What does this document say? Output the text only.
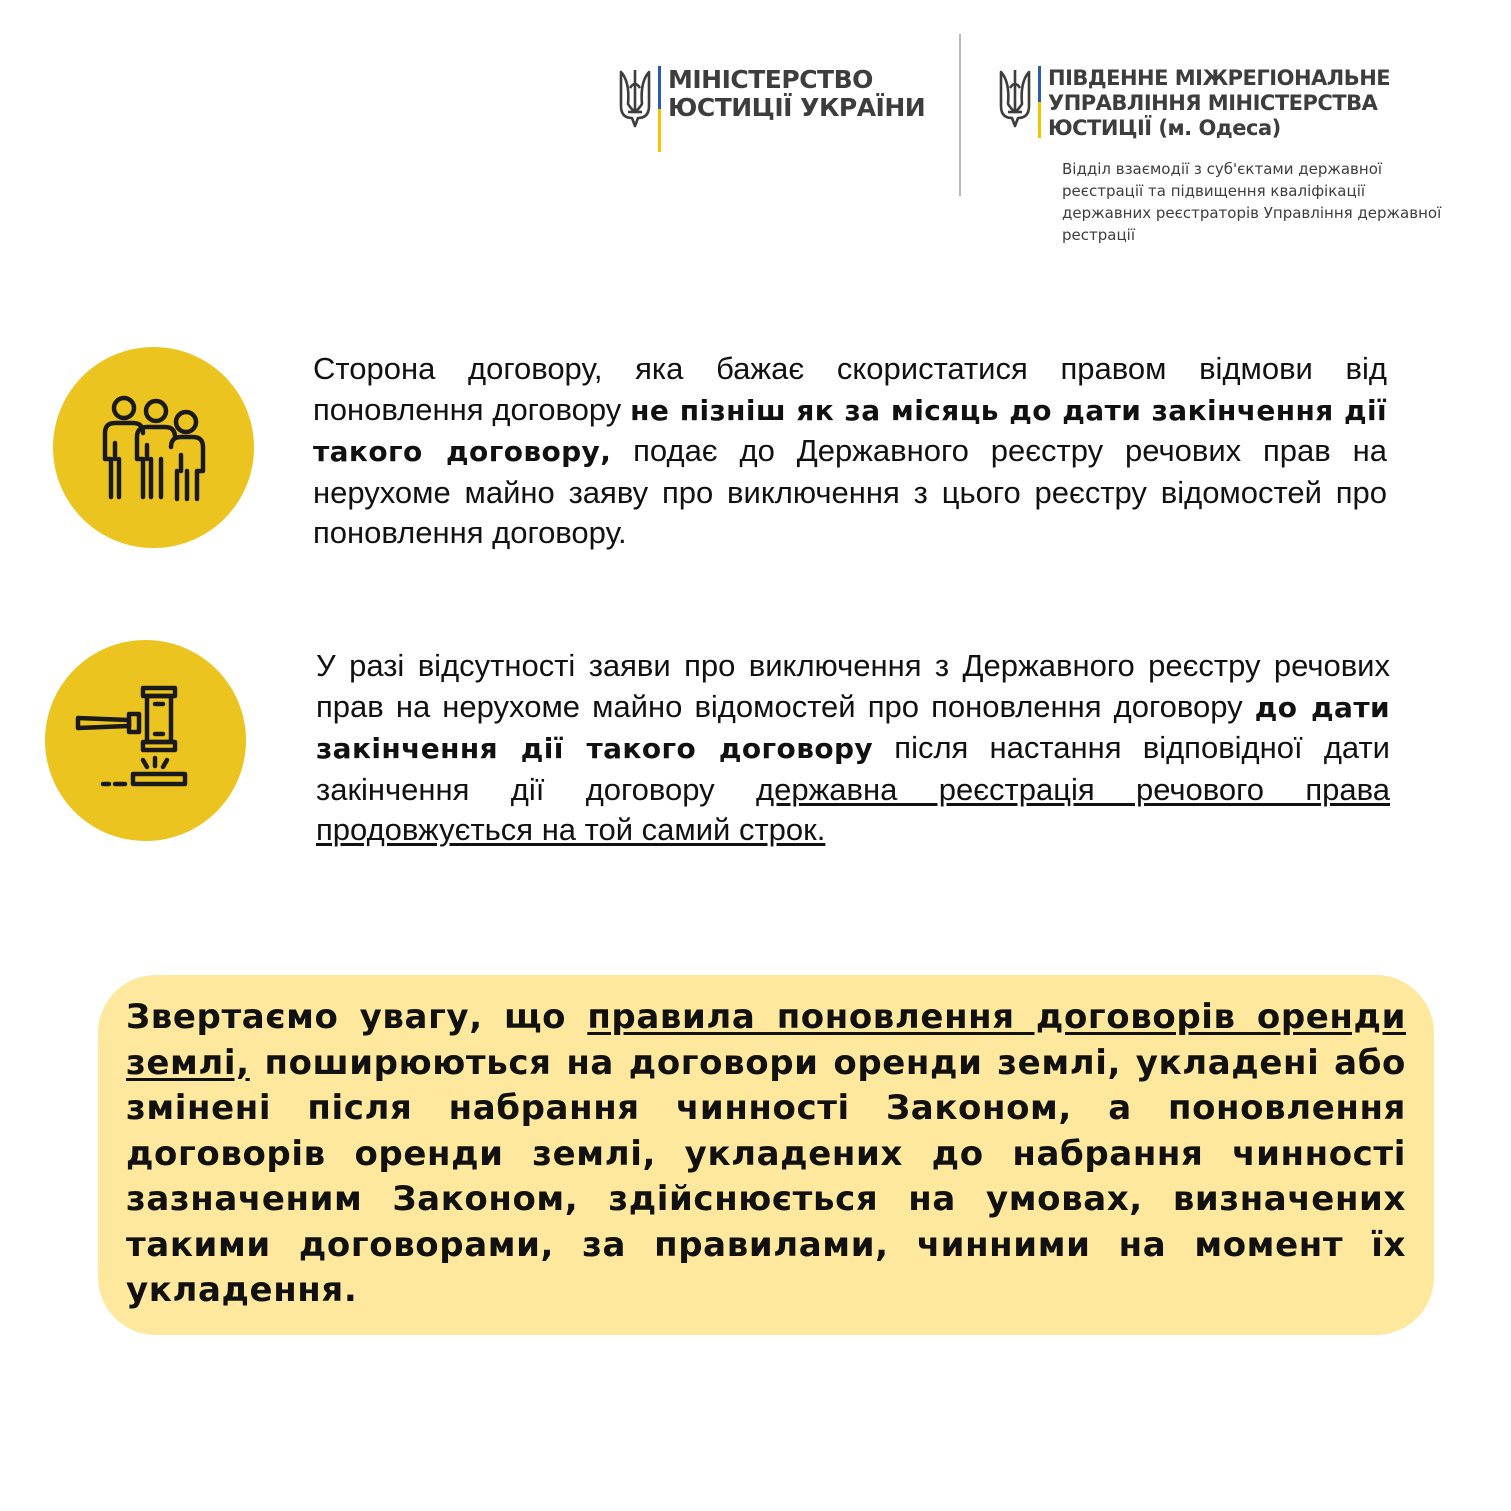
МІНІСТЕРСТВО
ЮСТИЦІЇ УКРАЇНИ
ПІВДЕННЕ МІЖРЕГІОНАЛЬНЕ
УПРАВЛІННЯ МІНІСТЕРСТВА
ЮСТИЦІЇ (м. Одеса)
Відділ взаємодії з суб'єктами державної реєстрації та підвищення кваліфікації державних реєстраторів Управління державної рестрації
Сторона договору, яка бажає скористатися правом відмови від поновлення договору не пізніш як за місяць до дати закінчення дії такого договору, подає до Державного реєстру речових прав на нерухоме майно заяву про виключення з цього реєстру відомостей про поновлення договору.
У разі відсутності заяви про виключення з Державного реєстру речових прав на нерухоме майно відомостей про поновлення договору до дати закінчення дії такого договору після настання відповідної дати закінчення дії договору державна реєстрація речового права продовжується на той самий строк.
Звертаємо увагу, що правила поновлення договорів оренди землі, поширюються на договори оренди землі, укладені або змінені після набрання чинності Законом, а поновлення договорів оренди землі, укладених до набрання чинності зазначеним Законом, здійснюється на умовах, визначених такими договорами, за правилами, чинними на момент їх укладення.
